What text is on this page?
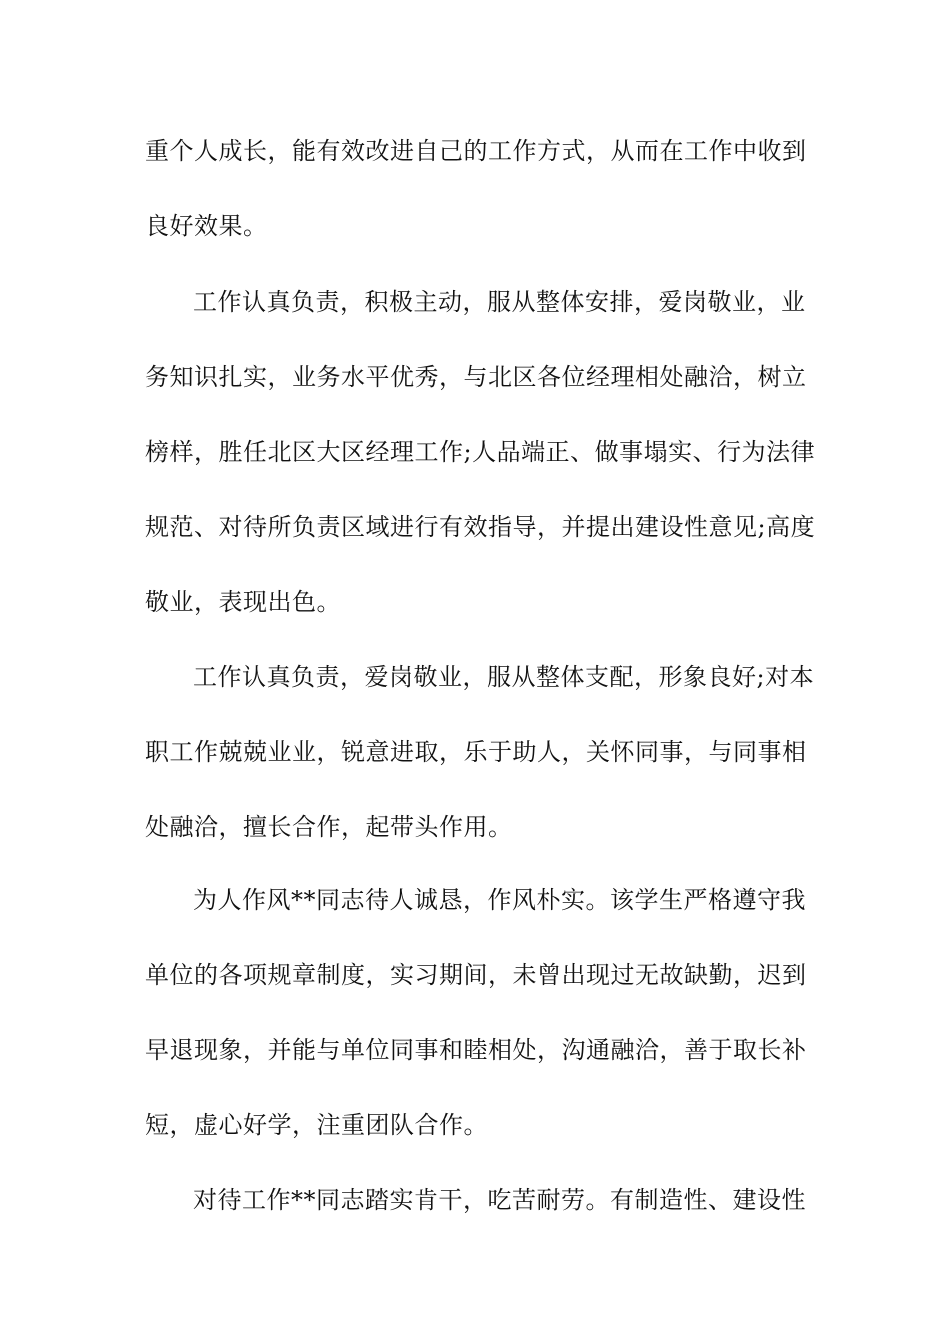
重个人成长，能有效改进自己的工作方式，从而在工作中收到
良好效果。
工作认真负责，积极主动，服从整体安排，爱岗敬业，业
务知识扎实，业务水平优秀，与北区各位经理相处融洽，树立
榜样，胜任北区大区经理工作;人品端正、做事塌实、行为法律
规范、对待所负责区域进行有效指导，并提出建设性意见;高度
敬业，表现出色。
工作认真负责，爱岗敬业，服从整体支配，形象良好;对本
职工作兢兢业业，锐意进取，乐于助人，关怀同事，与同事相
处融洽，擅长合作，起带头作用。
为人作风**同志待人诚恳，作风朴实。该学生严格遵守我
单位的各项规章制度，实习期间，未曾出现过无故缺勤，迟到
早退现象，并能与单位同事和睦相处，沟通融洽，善于取长补
短，虚心好学，注重团队合作。
对待工作**同志踏实肯干，吃苦耐劳。有制造性、建设性
